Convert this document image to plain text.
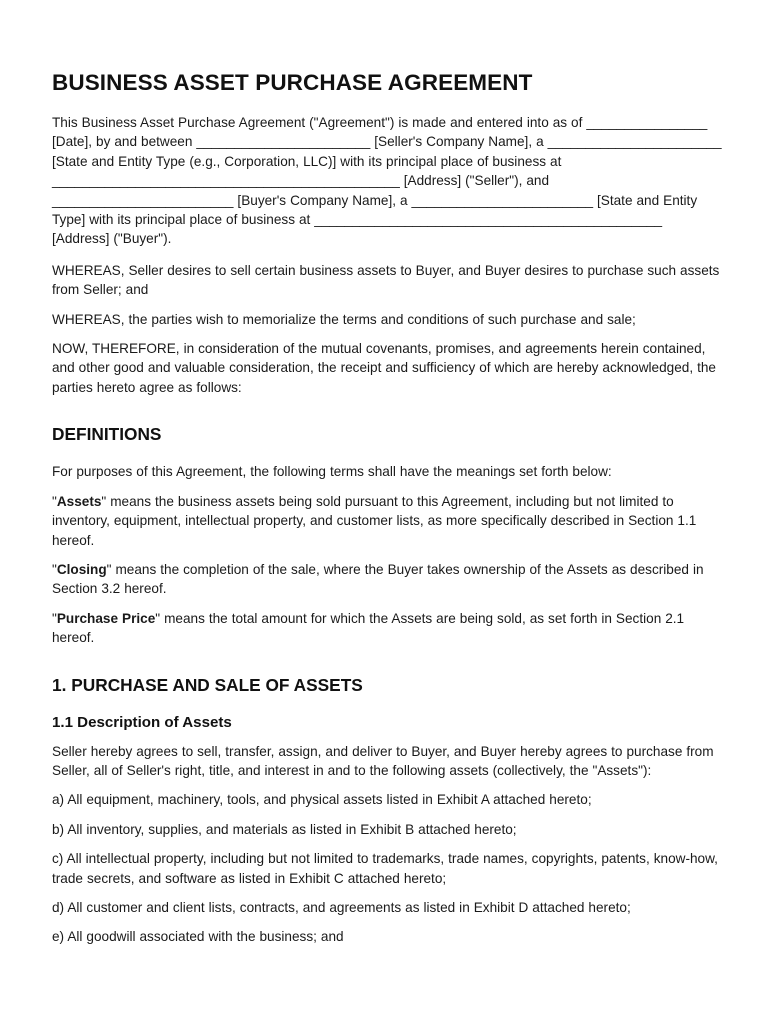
BUSINESS ASSET PURCHASE AGREEMENT

This Business Asset Purchase Agreement ("Agreement") is made and entered into as of ________________ [Date], by and between _______________________ [Seller's Company Name], a _______________________ [State and Entity Type (e.g., Corporation, LLC)] with its principal place of business at ______________________________________________ [Address] ("Seller"), and ________________________ [Buyer's Company Name], a ________________________ [State and Entity Type] with its principal place of business at ______________________________________________ [Address] ("Buyer").

WHEREAS, Seller desires to sell certain business assets to Buyer, and Buyer desires to purchase such assets from Seller; and

WHEREAS, the parties wish to memorialize the terms and conditions of such purchase and sale;

NOW, THEREFORE, in consideration of the mutual covenants, promises, and agreements herein contained, and other good and valuable consideration, the receipt and sufficiency of which are hereby acknowledged, the parties hereto agree as follows:

DEFINITIONS

For purposes of this Agreement, the following terms shall have the meanings set forth below:

"Assets" means the business assets being sold pursuant to this Agreement, including but not limited to inventory, equipment, intellectual property, and customer lists, as more specifically described in Section 1.1 hereof.

"Closing" means the completion of the sale, where the Buyer takes ownership of the Assets as described in Section 3.2 hereof.

"Purchase Price" means the total amount for which the Assets are being sold, as set forth in Section 2.1 hereof.

1. PURCHASE AND SALE OF ASSETS
1.1 Description of Assets

Seller hereby agrees to sell, transfer, assign, and deliver to Buyer, and Buyer hereby agrees to purchase from Seller, all of Seller's right, title, and interest in and to the following assets (collectively, the "Assets"):

a) All equipment, machinery, tools, and physical assets listed in Exhibit A attached hereto;

b) All inventory, supplies, and materials as listed in Exhibit B attached hereto;

c) All intellectual property, including but not limited to trademarks, trade names, copyrights, patents, know-how, trade secrets, and software as listed in Exhibit C attached hereto;

d) All customer and client lists, contracts, and agreements as listed in Exhibit D attached hereto;

e) All goodwill associated with the business; and
